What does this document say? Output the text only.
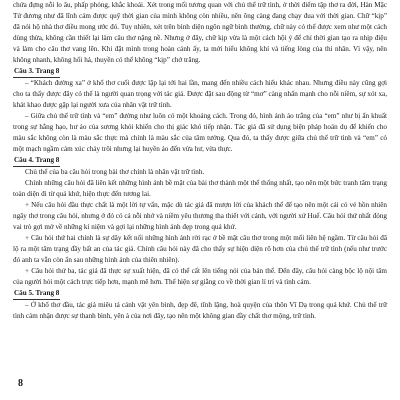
chứa đựng nỗi lo âu, phấp phỏng, khắc khoải. Xét trong mối tương quan với chủ thể trữ tình, ở thời điểm tập thơ ra đời, Hàn Mặc Tử đương như đã lĩnh cảm được quỹ thời gian của mình không còn nhiều, nên ông càng đang chạy đua với thời gian. Chữ “kịp” đã nói hộ nhà thơ điều mong ước đó. Tuy nhiên, xét trên bình diện ngôn ngữ bình thường, chữ này có thể được xem như một cách dùng thừa, không cần thiết lại làm câu thơ nặng nề. Nhưng ở đây, chữ kịp vừa là một cách hội ý để chỉ thời gian tạo ra nhịp điệu và làm cho câu thơ vang lên. Khi đặt mình trong hoàn cảnh ấy, ta mới hiểu không khí và tiếng lòng của thi nhân. Vì vậy, nên không nhanh, không hối hả, thuyền có thể không “kịp” chở trăng.

Câu 3. Trang 8

– “Khách đường xa” ở khổ thơ cuối được lặp lại tới hai lần, mang đến nhiều cách hiểu khác nhau. Nhưng điều này cũng gợi cho ta thấy được đây có thể là người quan trọng với tác giả. Được đặt sau động từ “mơ” càng nhấn mạnh cho nỗi niềm, sự xót xa, khát khao được gặp lại người xưa của nhân vật trữ tình.

– Giữa chủ thể trữ tình và “em” đường như luôn có một khoảng cách. Trong đó, hình ảnh áo trắng của “em” như bị ẩn khuất trong sự hằng hạo, hư ảo của sương khói khiến cho thị giác khó tiếp nhận. Tác giả đã sử dụng biện pháp hoán dụ để khiến cho màu sắc không còn là màu sắc thực mà chính là màu sắc của tâm tưởng. Qua đó, ta thấy được giữa chủ thể trữ tình và “em” có một mạch ngầm cảm xúc chảy trôi nhưng lại huyền ảo đến vừa hư, vừa thực.

Câu 4. Trang 8

Chủ thể của ba câu hỏi trong bài thơ chính là nhân vật trữ tình.

Chính những câu hỏi đã liên kết những hình ảnh bề mặt của bài thơ thành một thể thống nhất, tạo nên một bức tranh tâm trạng toàn diện đi từ quá khứ, hiện thực đến tương lai.

+ Nếu câu hỏi đầu thực chất là một lời tự vấn, mặc dù tác giả đã mượn lời của khách thể để tạo nên một cái có vẻ hồn nhiên ngây thơ trong câu hỏi, nhưng ở đó có cả nỗi nhớ và niềm yêu thương tha thiết với cảnh, với người xứ Huế. Câu hỏi thứ nhất đóng vai trò gợi mở về những kỉ niệm và gợi lại những hình ảnh đẹp trong quá khứ.

+ Câu hỏi thứ hai chính là sự dây kết nối những hình ảnh rời rạc ở bề mặt câu thơ trong một mối liên hệ ngầm. Từ câu hỏi đã lộ ra một tâm trạng đầy bất an của tác giả. Chính câu hỏi này đã cho thấy sự hiện diện rõ hơn của chủ thể trữ tình (nếu như trước đó anh ta vẫn còn ẩn sau những hình ảnh của thiên nhiên).

+ Câu hỏi thứ ba, tác giả đã thực sự xuất hiện, đã có thể cất lên tiếng nói của bản thể. Đến đây, câu hỏi càng bộc lộ nội tâm của người hỏi một cách trực tiếp hơn, mạnh mẽ hơn. Thể hiện sự giằng co về thời gian lí trí và tình cảm.

Câu 5. Trang 8

– Ở khổ thơ đầu, tác giả miêu tả cảnh vật yên bình, đẹp đẽ, tĩnh lặng, hoà quyện của thôn Vĩ Dạ trong quá khứ. Chủ thể trữ tình cảm nhận được sự thanh bình, yên ả của nơi đây, tạo nên một không gian đầy chất thơ mộng, trữ tình.

8
